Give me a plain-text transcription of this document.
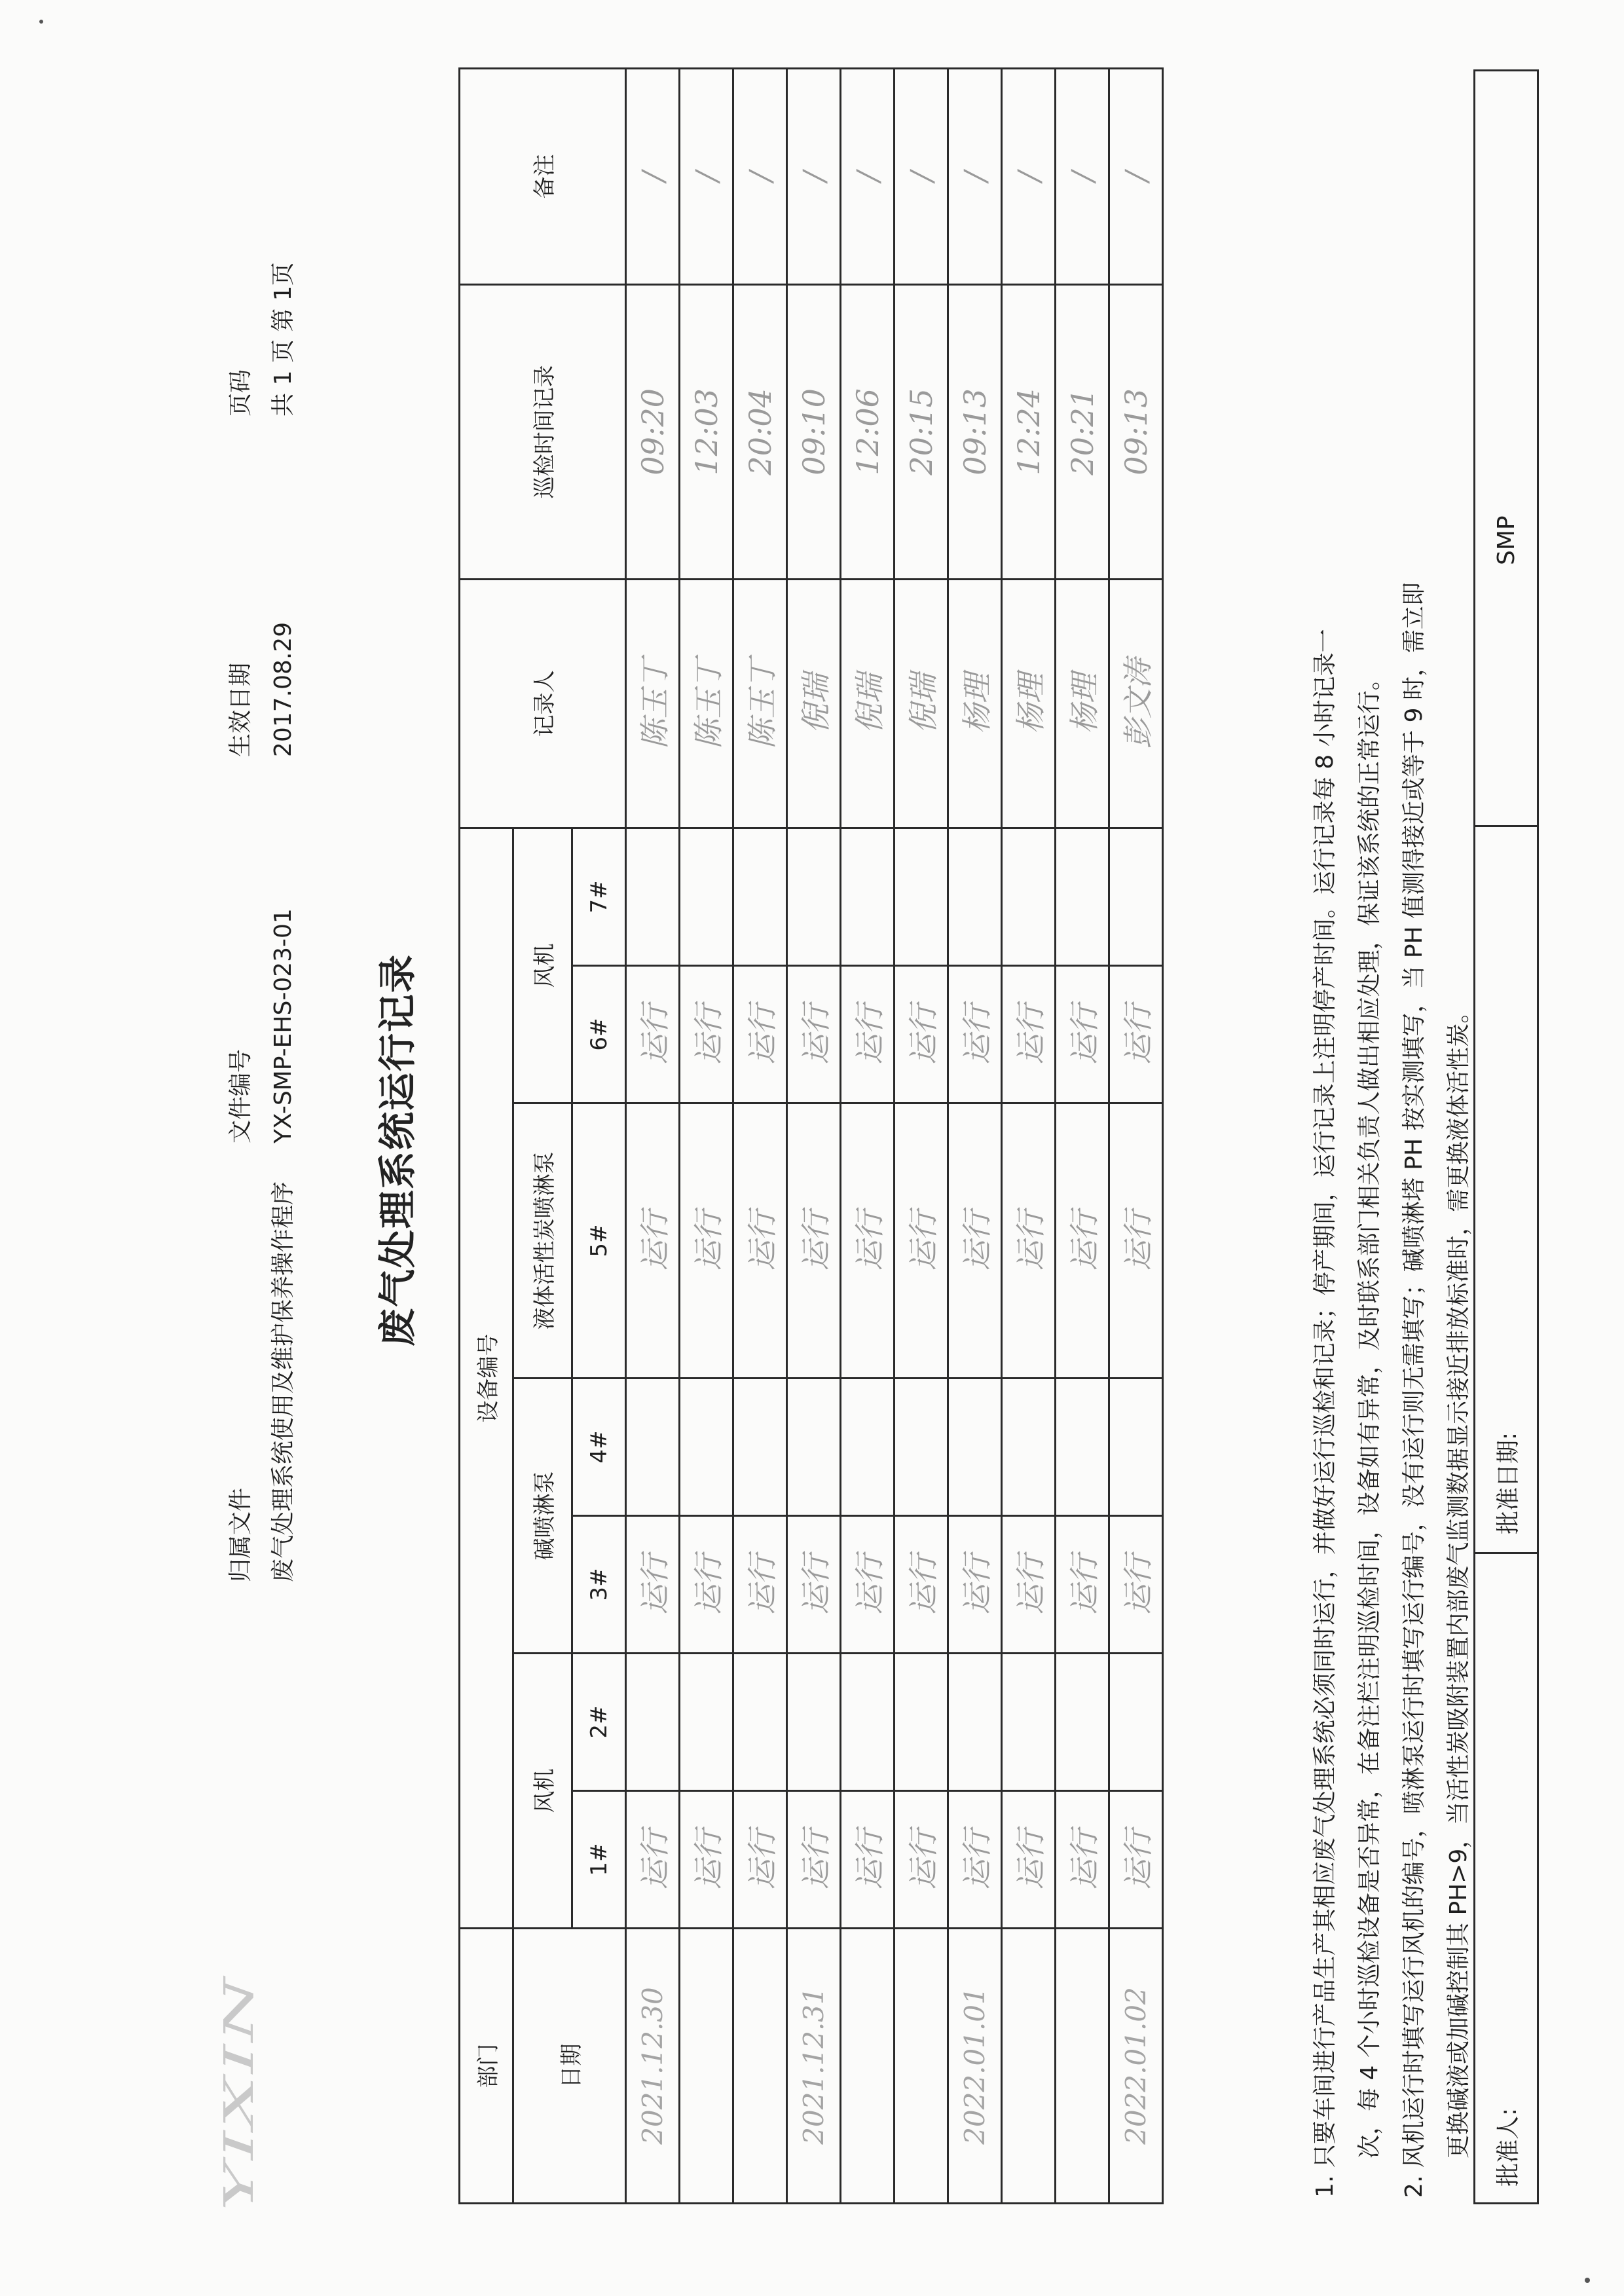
YIXIN
归属文件 废气处理系统使用及维护保养操作程序
文件编号 YX-SMP-EHS-023-01
生效日期 2017.08.29
页码 共 1 页 第 1页
废气处理系统运行记录
部门	设备编号							记录人	巡检时间记录	备注
日期	风机		碱喷淋泵		液体活性炭喷淋泵	风机				
	1#	2#	3#	4#	5#	6#	7#			
2021.12.30	运行		运行		运行	运行		陈玉丁	09:20	/
	运行		运行		运行	运行		陈玉丁	12:03	/
	运行		运行		运行	运行		陈玉丁	20:04	/
2021.12.31	运行		运行		运行	运行		倪瑞	09:10	/
	运行		运行		运行	运行		倪瑞	12:06	/
	运行		运行		运行	运行		倪瑞	20:15	/
2022.01.01	运行		运行		运行	运行		杨理	09:13	/
	运行		运行		运行	运行		杨理	12:24	/
	运行		运行		运行	运行		杨理	20:21	/
2022.01.02	运行		运行		运行	运行		彭文涛	09:13	/
1. 只要车间进行产品生产其相应废气处理系统必须同时运行，并做好运行巡检和记录；停产期间，运行记录上注明停产时间。运行记录每 8 小时记录一 次，每 4 个小时巡检设备是否异常，在备注栏注明巡检时间，设备如有异常，及时联系部门相关负责人做出相应处理，保证该系统的正常运行。 2. 风机运行时填写运行风机的编号，喷淋泵运行时填写运行编号，没有运行则无需填写；碱喷淋塔 PH 按实测填写，当 PH 值测得接近或等于 9 时，需立即 更换碱液或加碱控制其 PH>9，当活性炭吸附装置内部废气监测数据显示接近排放标准时，需更换液体活性炭。 批准人:
批准日期:
SMP
